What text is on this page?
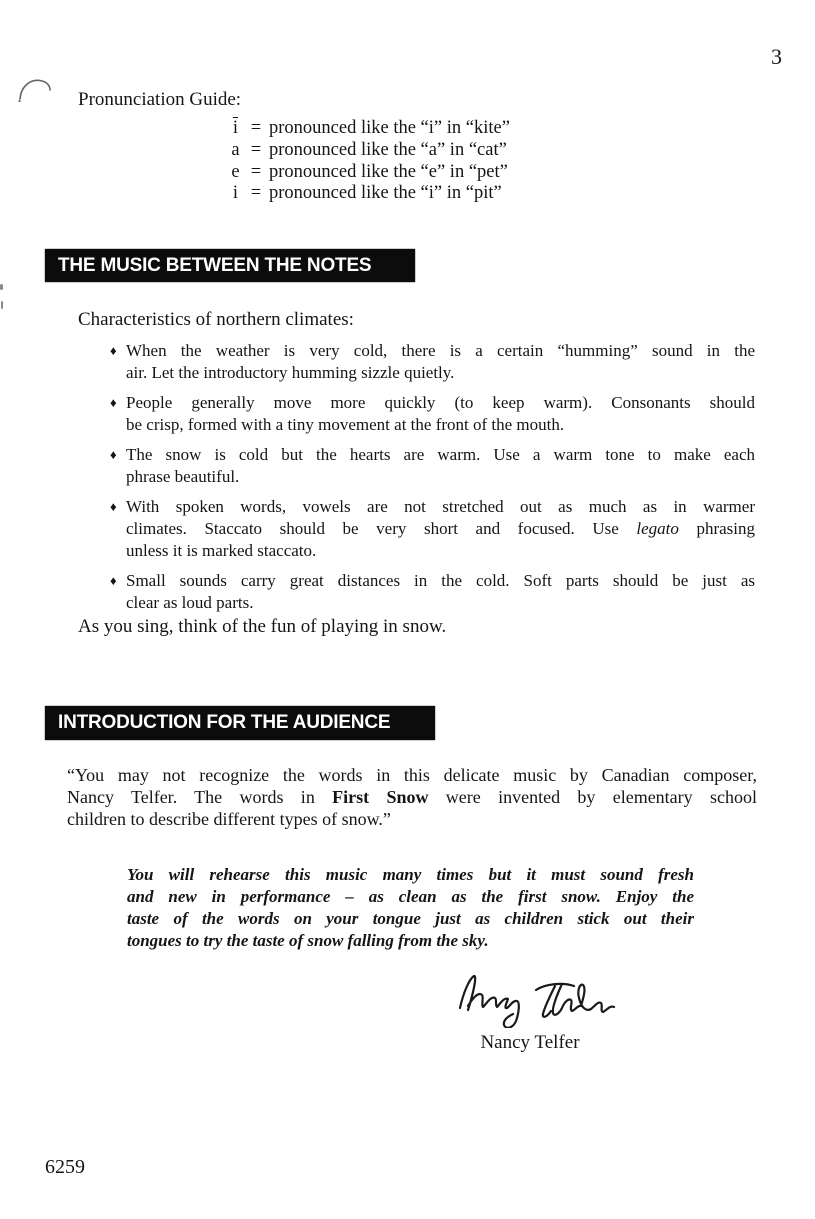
3
Pronunciation Guide:
$\overline{i}$ = pronounced like the “i” in “kite”
a = pronounced like the “a” in “cat”
e = pronounced like the “e” in “pet”
i = pronounced like the “i” in “pit”
THE MUSIC BETWEEN THE NOTES
Characteristics of northern climates:
♦ When the weather is very cold, there is a certain “humming” sound in the
air. Let the introductory humming sizzle quietly.
♦ People generally move more quickly (to keep warm). Consonants should
be crisp, formed with a tiny movement at the front of the mouth.
♦ The snow is cold but the hearts are warm. Use a warm tone to make each
phrase beautiful.
♦ With spoken words, vowels are not stretched out as much as in warmer
climates. Staccato should be very short and focused. Use legato phrasing
unless it is marked staccato.
♦ Small sounds carry great distances in the cold. Soft parts should be just as
clear as loud parts.
As you sing, think of the fun of playing in snow.
INTRODUCTION FOR THE AUDIENCE
“You may not recognize the words in this delicate music by Canadian composer,
Nancy Telfer. The words in First Snow were invented by elementary school
children to describe different types of snow.”
You will rehearse this music many times but it must sound fresh
and new in performance – as clean as the first snow. Enjoy the
taste of the words on your tongue just as children stick out their
tongues to try the taste of snow falling from the sky.
Nancy Telfer
6259
